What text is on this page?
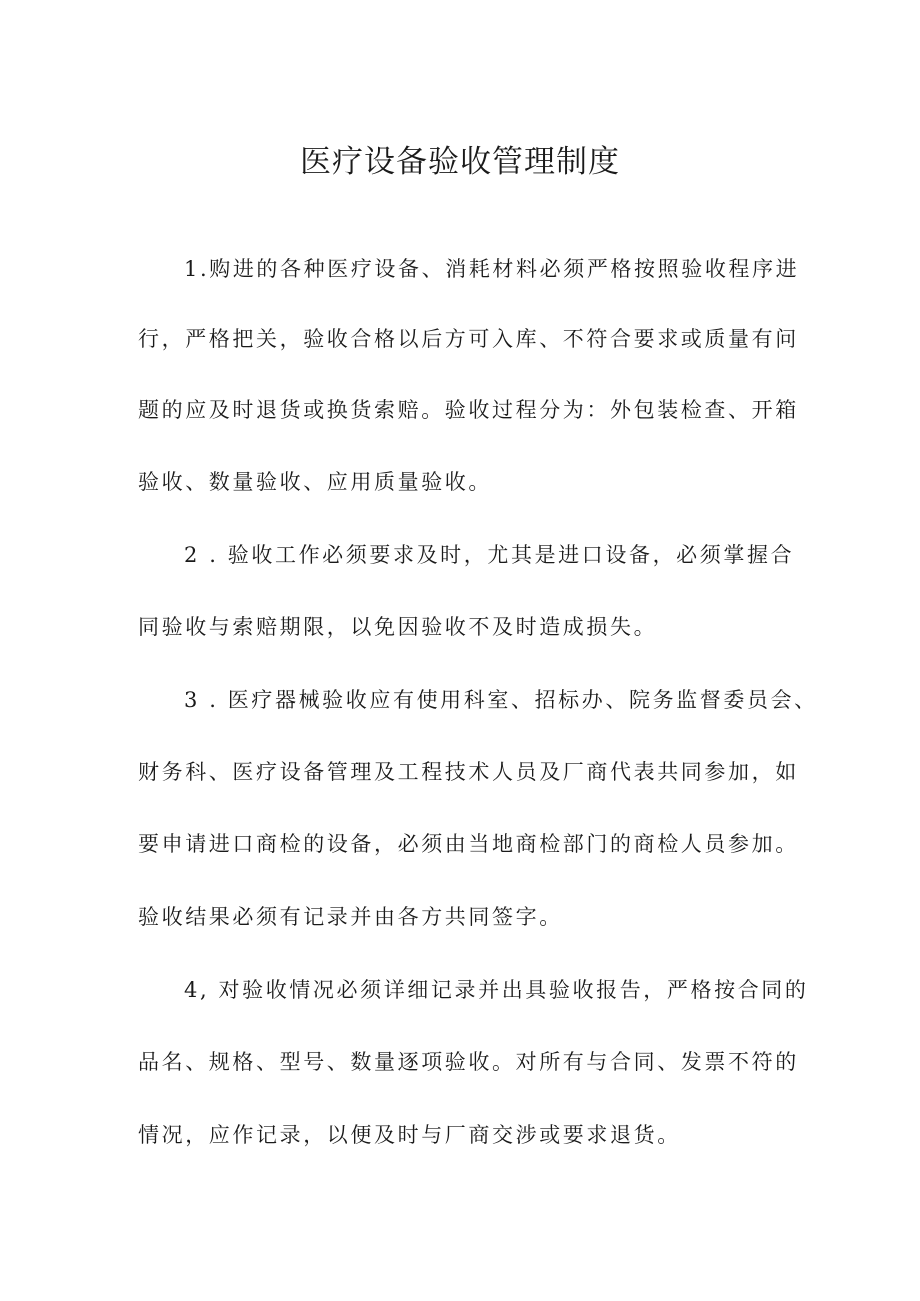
医疗设备验收管理制度
1.购进的各种医疗设备、消耗材料必须严格按照验收程序进
行，严格把关，验收合格以后方可入库、不符合要求或质量有问
题的应及时退货或换货索赔。验收过程分为：外包装检查、开箱
验收、数量验收、应用质量验收。
2 . 验收工作必须要求及时，尤其是进口设备，必须掌握合
同验收与索赔期限，以免因验收不及时造成损失。
3 . 医疗器械验收应有使用科室、招标办、院务监督委员会、
财务科、医疗设备管理及工程技术人员及厂商代表共同参加，如
要申请进口商检的设备，必须由当地商检部门的商检人员参加。
验收结果必须有记录并由各方共同签字。
4, 对验收情况必须详细记录并出具验收报告，严格按合同的
品名、规格、型号、数量逐项验收。对所有与合同、发票不符的
情况，应作记录，以便及时与厂商交涉或要求退货。
